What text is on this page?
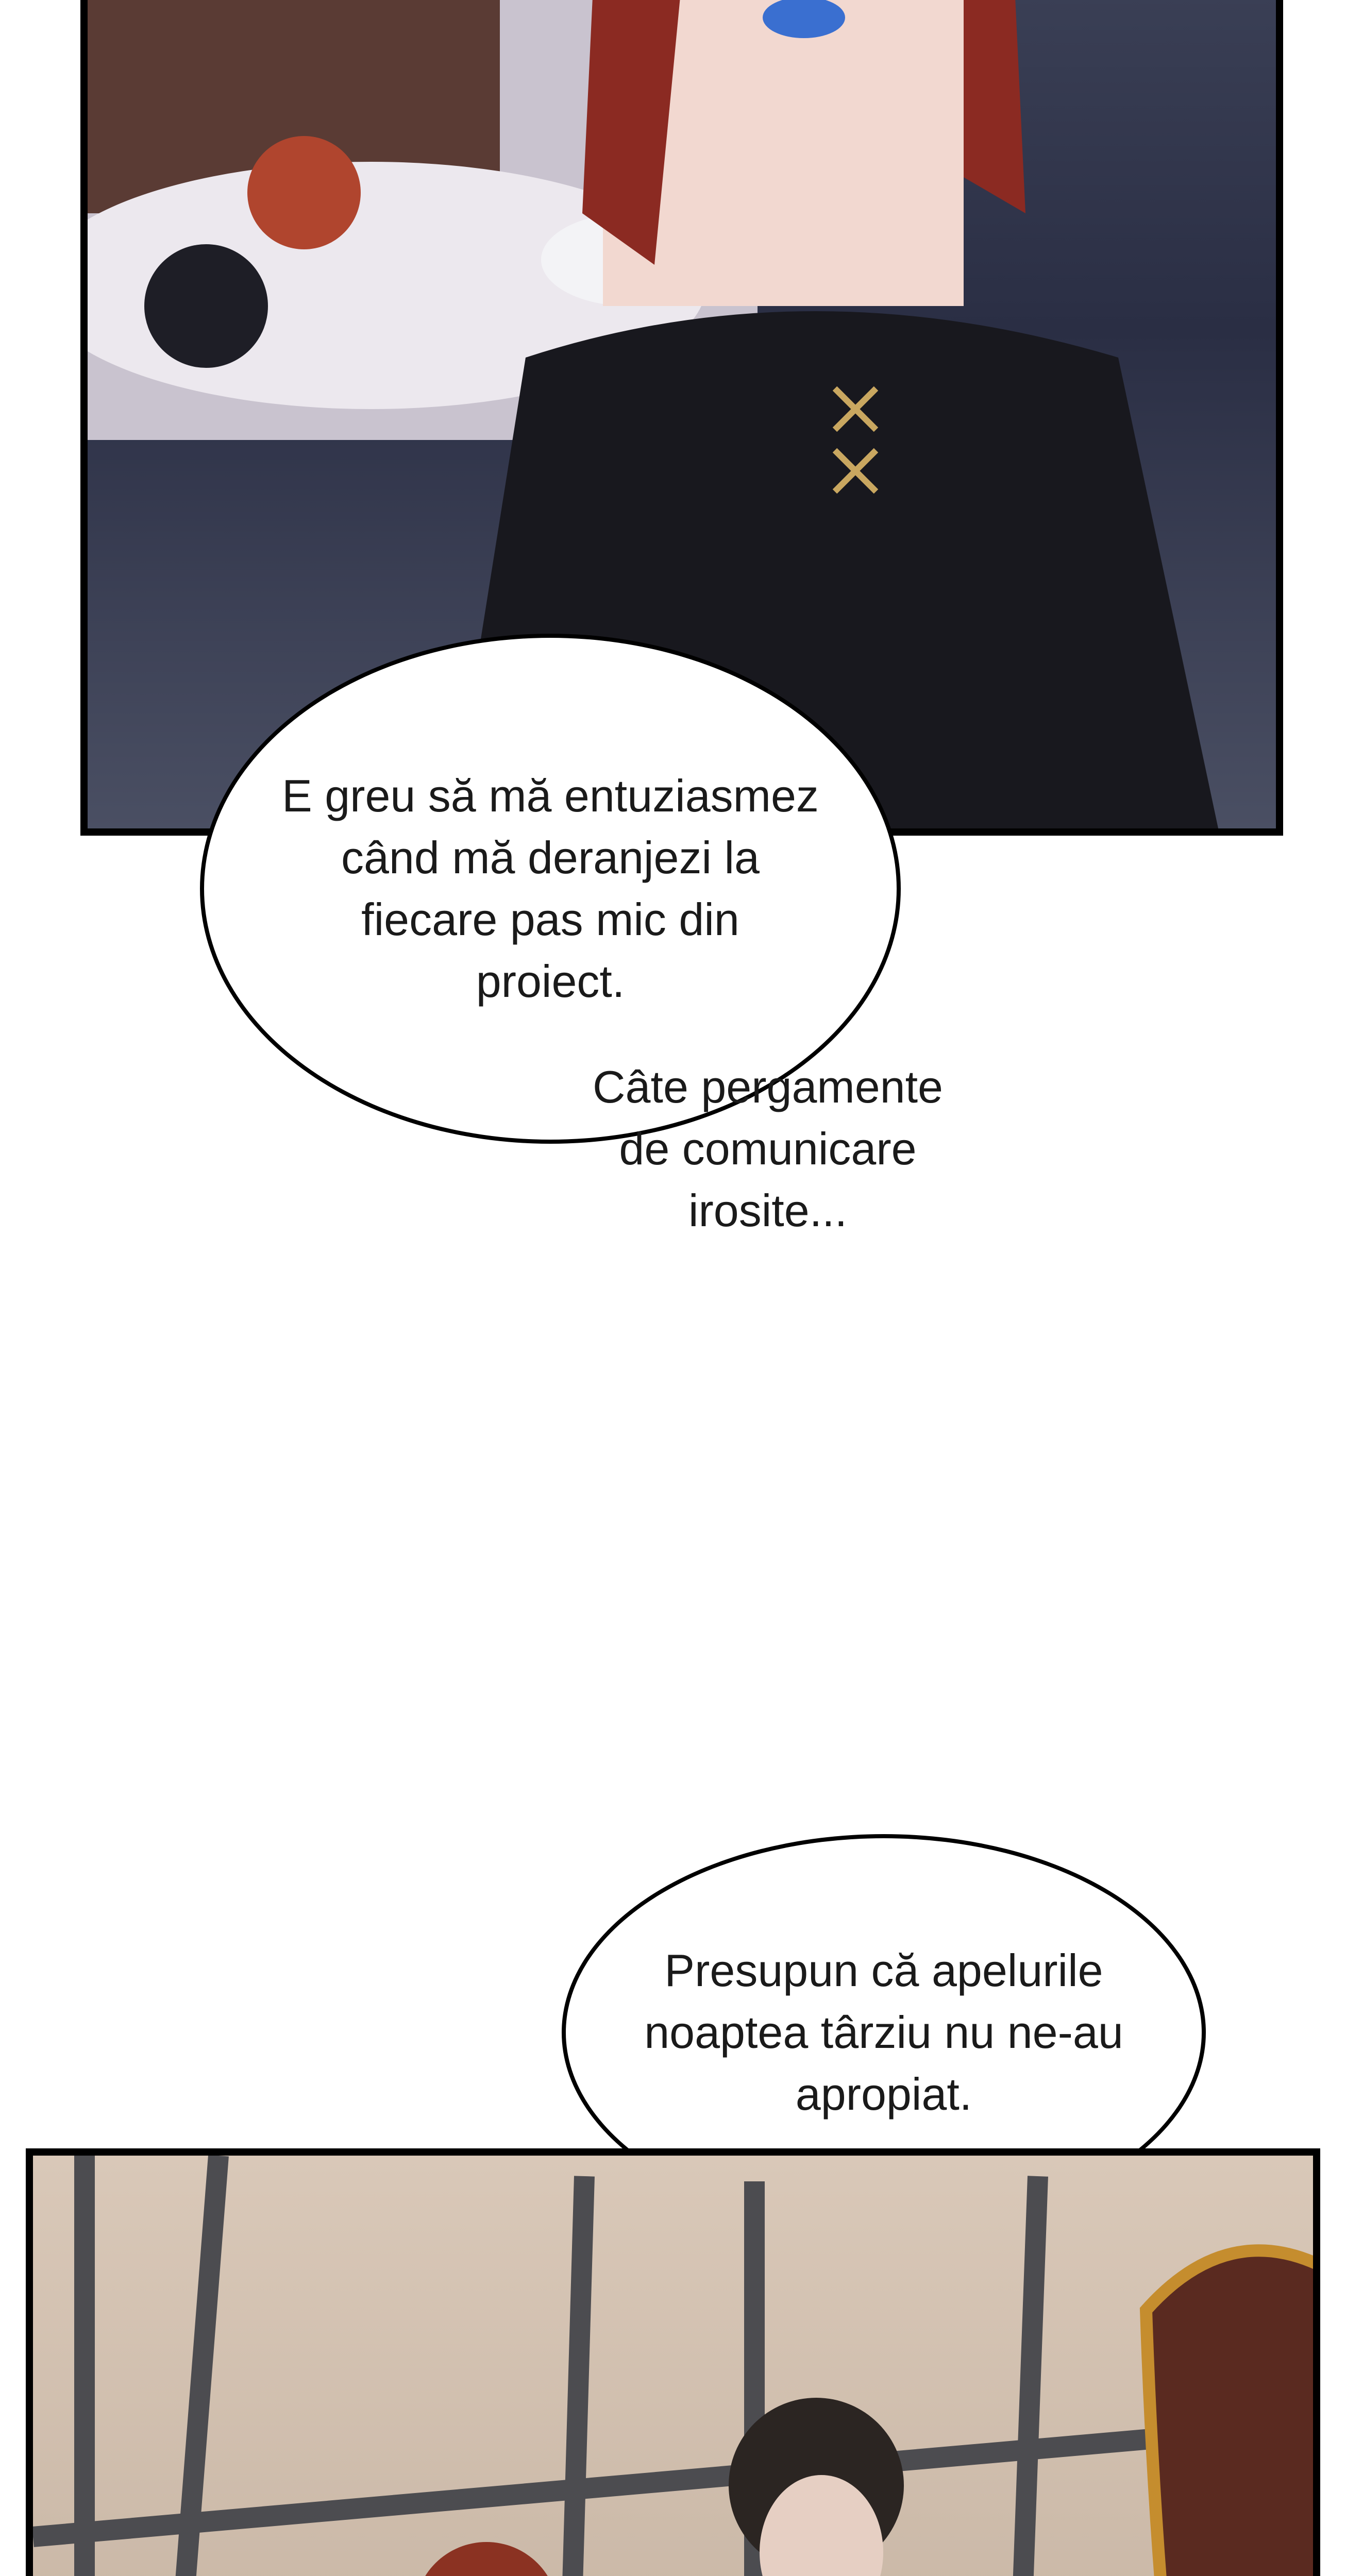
E greu să mă entuziasmez
când mă deranjezi la
fiecare pas mic din
proiect.
Câte pergamente
de comunicare
irosite...
Presupun că apelurile
noaptea târziu nu ne-au
apropiat.
